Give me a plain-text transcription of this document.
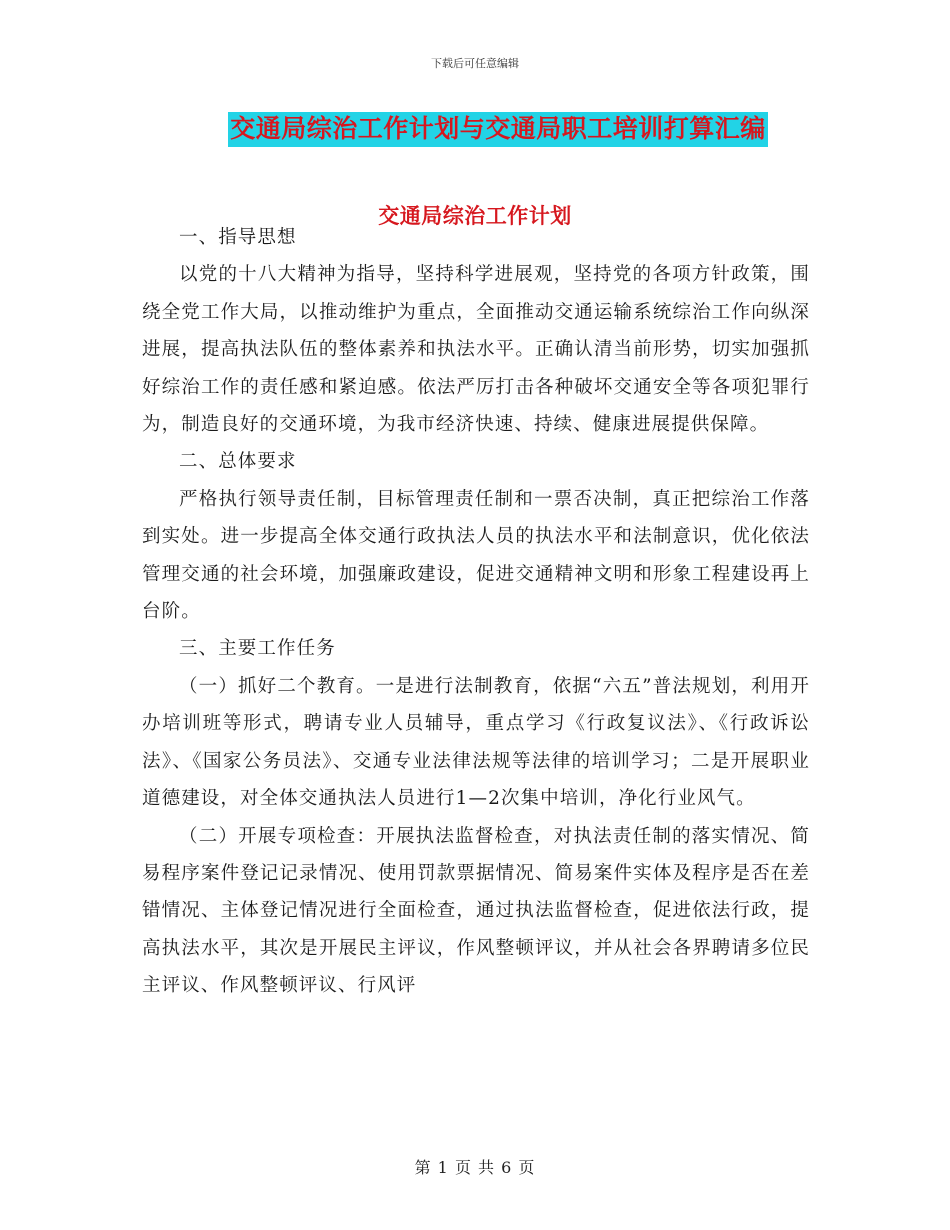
下载后可任意编辑
交通局综治工作计划与交通局职工培训打算汇编
交通局综治工作计划

一、指导思想

以党的十八大精神为指导，坚持科学进展观，坚持党的各项方针政策，围绕全党工作大局，以推动维护为重点，全面推动交通运输系统综治工作向纵深进展，提高执法队伍的整体素养和执法水平。正确认清当前形势，切实加强抓好综治工作的责任感和紧迫感。依法严厉打击各种破坏交通安全等各项犯罪行为，制造良好的交通环境，为我市经济快速、持续、健康进展提供保障。

二、总体要求

严格执行领导责任制，目标管理责任制和一票否决制，真正把综治工作落到实处。进一步提高全体交通行政执法人员的执法水平和法制意识，优化依法管理交通的社会环境，加强廉政建设，促进交通精神文明和形象工程建设再上台阶。

三、主要工作任务

（一）抓好二个教育。一是进行法制教育，依据“六五”普法规划，利用开办培训班等形式，聘请专业人员辅导，重点学习《行政复议法》、《行政诉讼法》、《国家公务员法》、交通专业法律法规等法律的培训学习；二是开展职业道德建设，对全体交通执法人员进行1—2次集中培训，净化行业风气。

（二）开展专项检查：开展执法监督检查，对执法责任制的落实情况、简易程序案件登记记录情况、使用罚款票据情况、简易案件实体及程序是否在差错情况、主体登记情况进行全面检查，通过执法监督检查，促进依法行政，提高执法水平，其次是开展民主评议，作风整顿评议，并从社会各界聘请多位民主评议、作风整顿评议、行风评

第 1 页 共 6 页
